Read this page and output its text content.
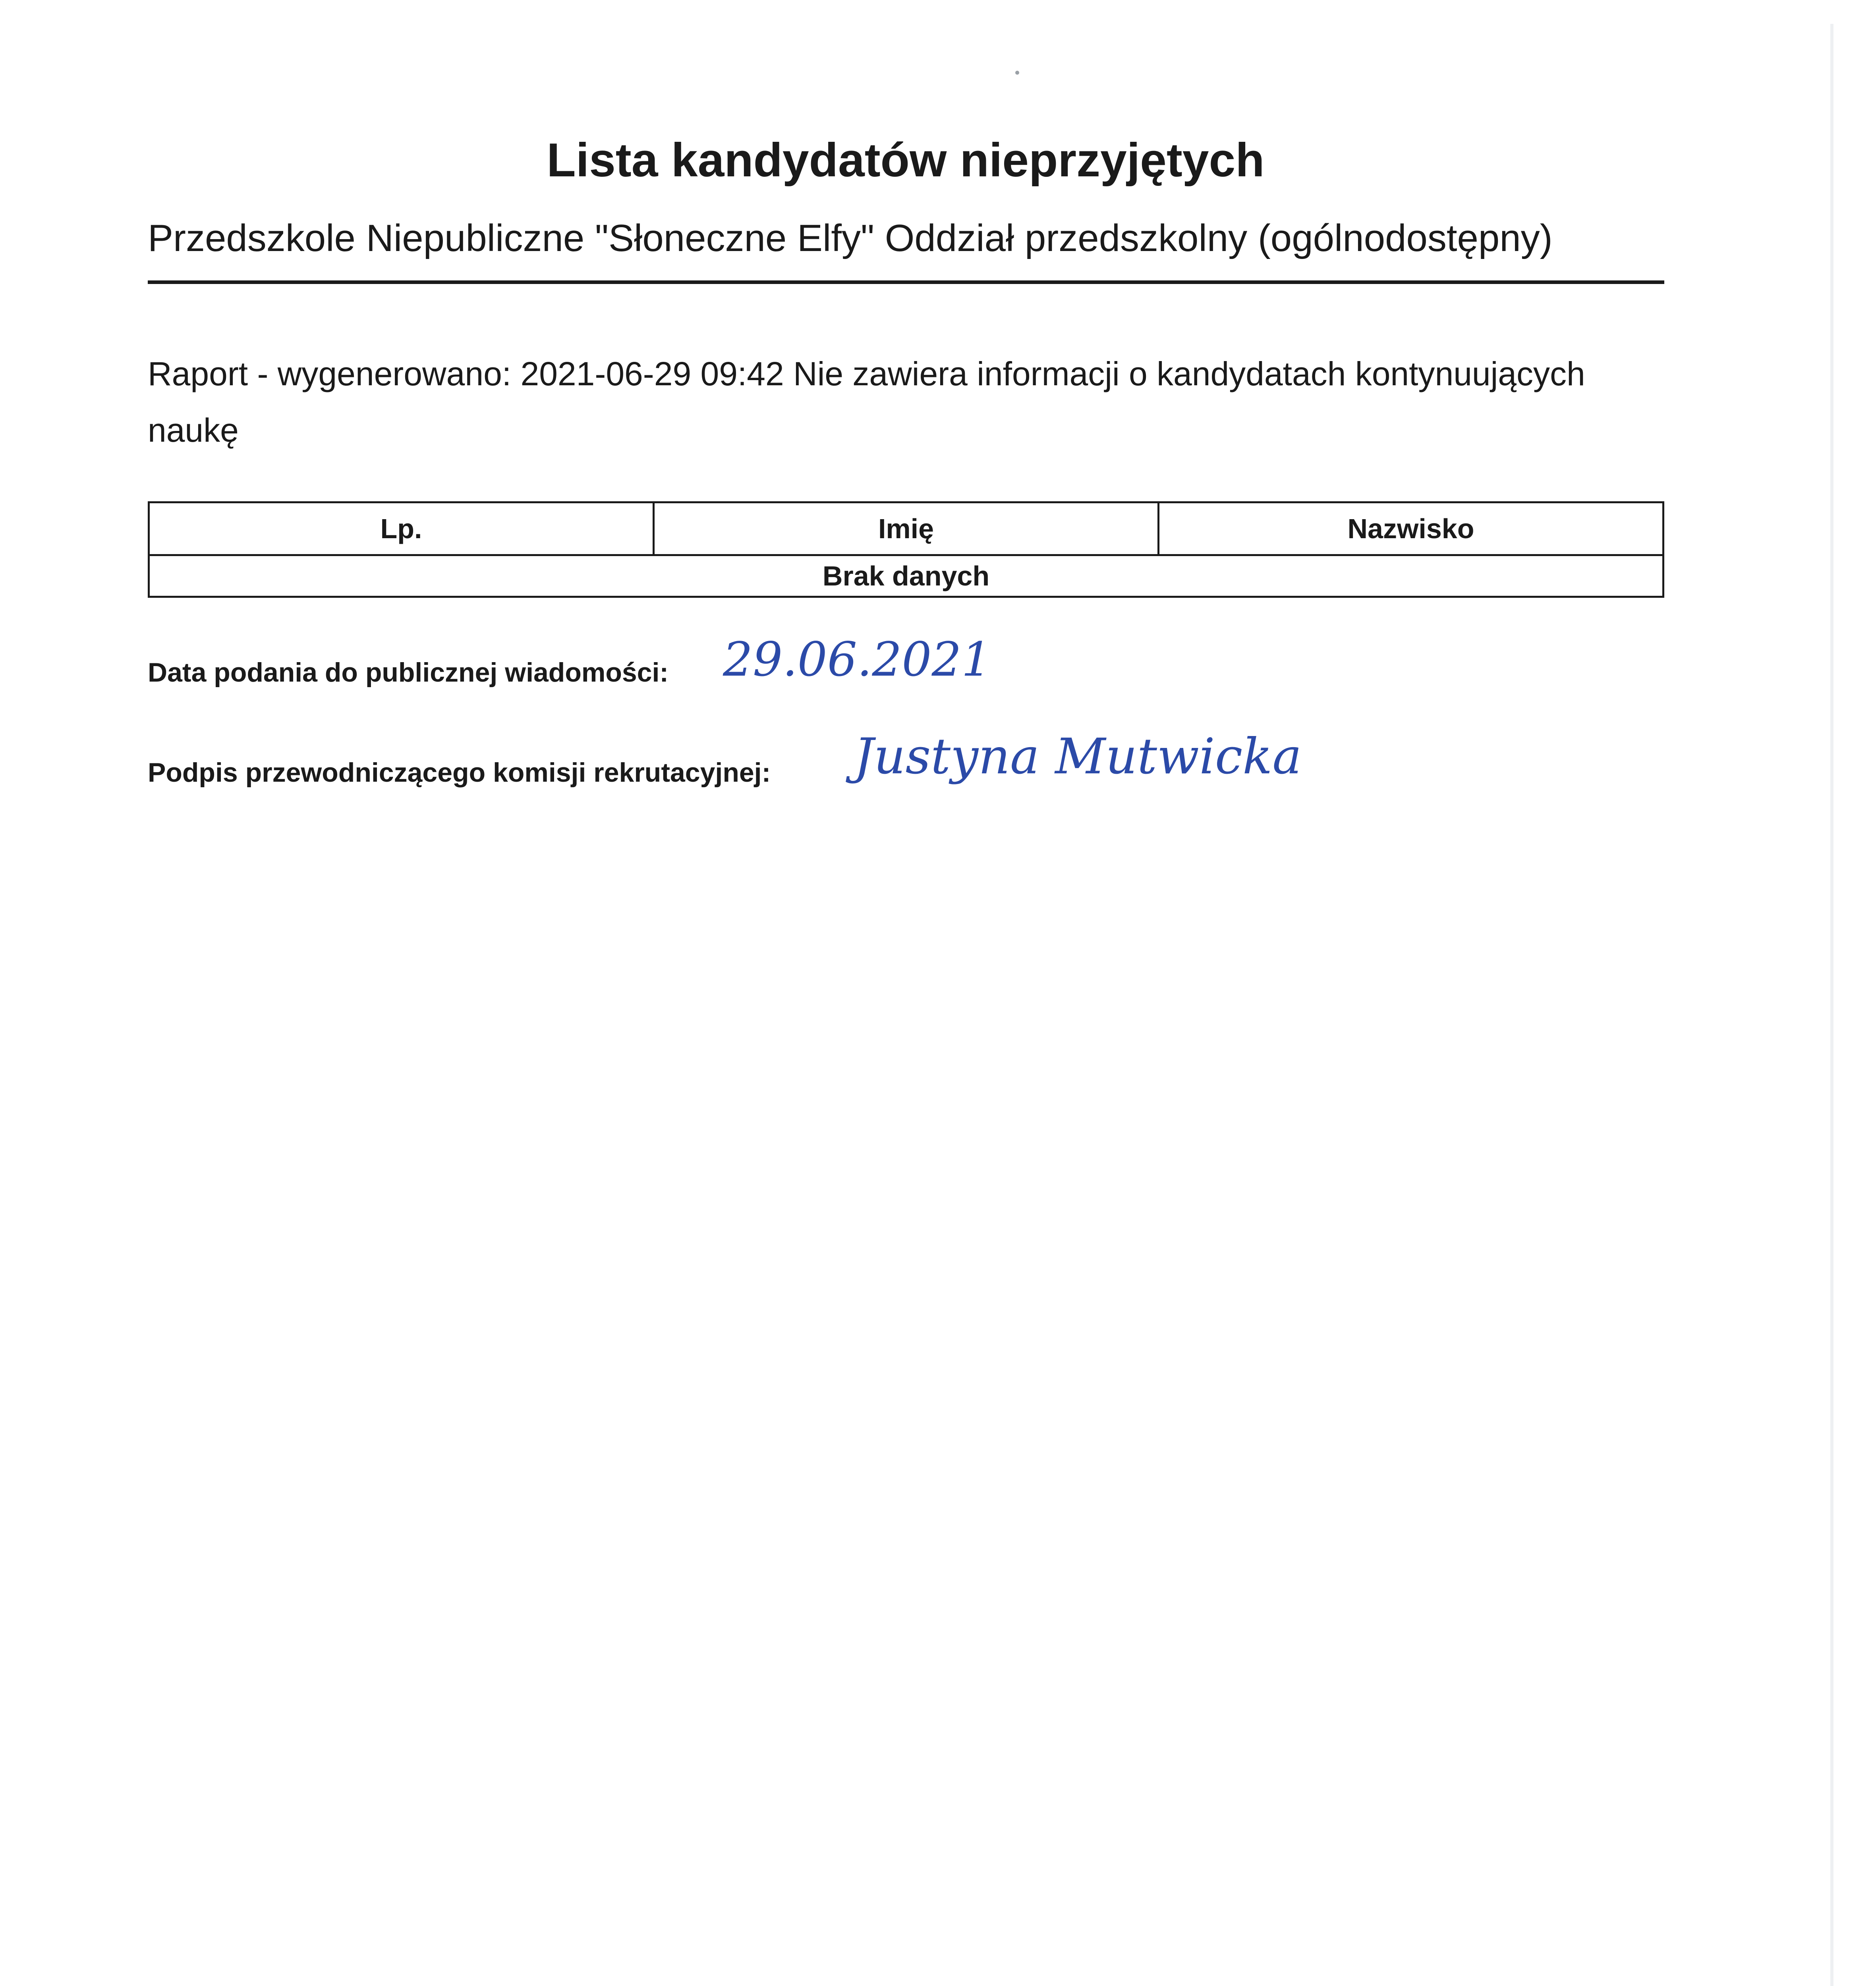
Lista kandydatów nieprzyjętych
Przedszkole Niepubliczne "Słoneczne Elfy" Oddział przedszkolny (ogólnodostępny)

Raport - wygenerowano: 2021-06-29 09:42 Nie zawiera informacji o kandydatach kontynuujących naukę

Lp.	Imię	Nazwisko
Brak danych
Data podania do publicznej wiadomości: 29.06.2021
Podpis przewodniczącego komisji rekrutacyjnej: Justyna Mutwicka
